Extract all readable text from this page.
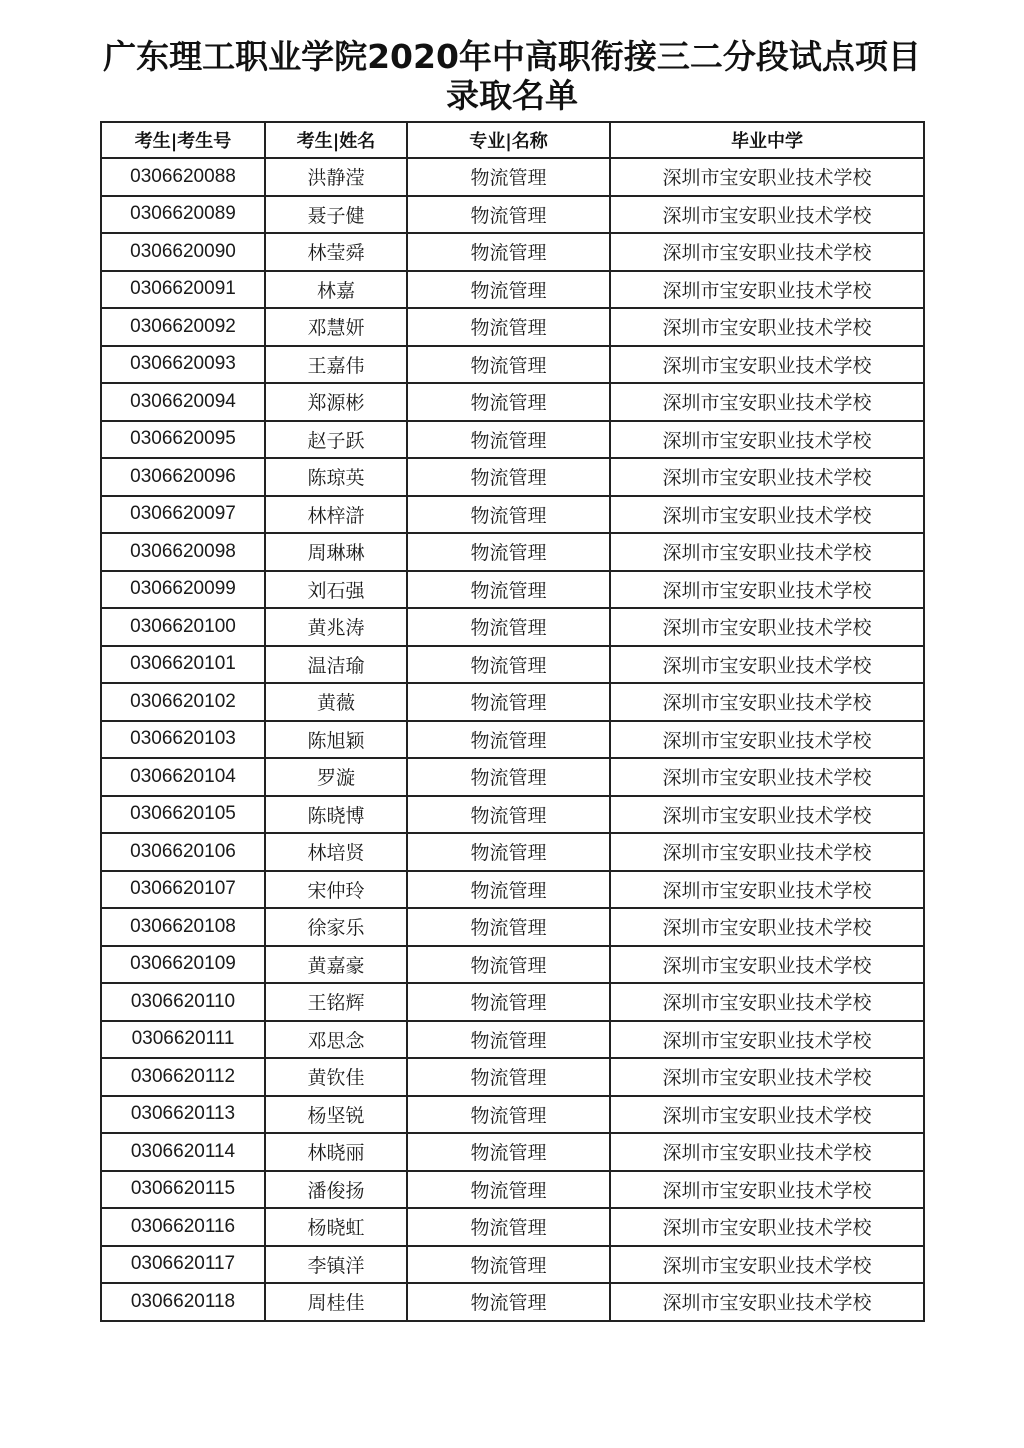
广东理工职业学院2020年中高职衔接三二分段试点项目
录取名单
考生|考生号	考生|姓名	专业|名称	毕业中学
0306620088	洪静滢	物流管理	深圳市宝安职业技术学校
0306620089	聂子健	物流管理	深圳市宝安职业技术学校
0306620090	林莹舜	物流管理	深圳市宝安职业技术学校
0306620091	林嘉	物流管理	深圳市宝安职业技术学校
0306620092	邓慧妍	物流管理	深圳市宝安职业技术学校
0306620093	王嘉伟	物流管理	深圳市宝安职业技术学校
0306620094	郑源彬	物流管理	深圳市宝安职业技术学校
0306620095	赵子跃	物流管理	深圳市宝安职业技术学校
0306620096	陈琼英	物流管理	深圳市宝安职业技术学校
0306620097	林梓滸	物流管理	深圳市宝安职业技术学校
0306620098	周琳琳	物流管理	深圳市宝安职业技术学校
0306620099	刘石强	物流管理	深圳市宝安职业技术学校
0306620100	黄兆涛	物流管理	深圳市宝安职业技术学校
0306620101	温洁瑜	物流管理	深圳市宝安职业技术学校
0306620102	黄薇	物流管理	深圳市宝安职业技术学校
0306620103	陈旭颖	物流管理	深圳市宝安职业技术学校
0306620104	罗漩	物流管理	深圳市宝安职业技术学校
0306620105	陈晓博	物流管理	深圳市宝安职业技术学校
0306620106	林培贤	物流管理	深圳市宝安职业技术学校
0306620107	宋仲玲	物流管理	深圳市宝安职业技术学校
0306620108	徐家乐	物流管理	深圳市宝安职业技术学校
0306620109	黄嘉豪	物流管理	深圳市宝安职业技术学校
0306620110	王铭辉	物流管理	深圳市宝安职业技术学校
0306620111	邓思念	物流管理	深圳市宝安职业技术学校
0306620112	黄钦佳	物流管理	深圳市宝安职业技术学校
0306620113	杨坚锐	物流管理	深圳市宝安职业技术学校
0306620114	林晓丽	物流管理	深圳市宝安职业技术学校
0306620115	潘俊扬	物流管理	深圳市宝安职业技术学校
0306620116	杨晓虹	物流管理	深圳市宝安职业技术学校
0306620117	李镇洋	物流管理	深圳市宝安职业技术学校
0306620118	周桂佳	物流管理	深圳市宝安职业技术学校
